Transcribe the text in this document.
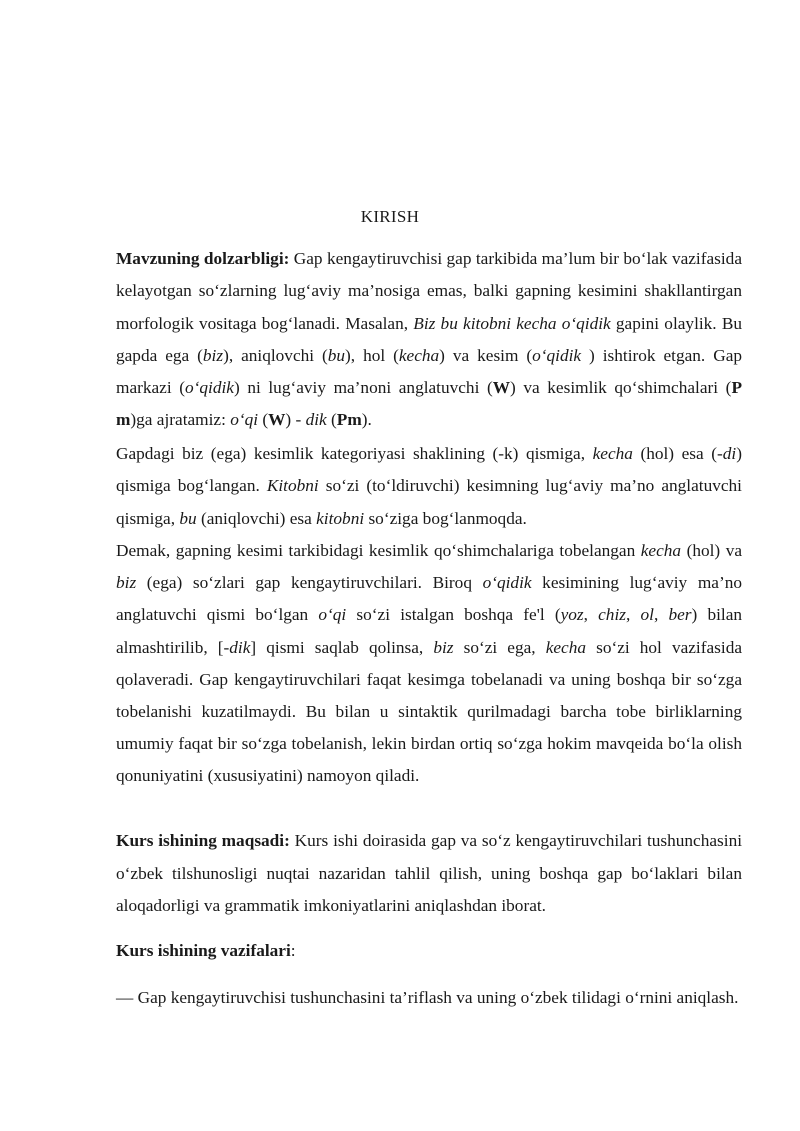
KIRISH

Mavzuning dolzarbligi: Gap kengaytiruvchisi gap tarkibida ma’lum bir bo‘lak vazifasida kelayotgan so‘zlarning lug‘aviy ma’nosiga emas, balki gapning kesimini shakllantirgan morfologik vositaga bog‘lanadi. Masalan, Biz bu kitobni kecha o‘qidik gapini olaylik. Bu gapda ega (biz), aniqlovchi (bu), hol (kecha) va kesim (o‘qidik ) ishtirok etgan. Gap markazi (o‘qidik) ni lug‘aviy ma’noni anglatuvchi (W) va kesimlik qo‘shimchalari (P m)ga ajratamiz: o‘qi (W) - dik (Pm).

Gapdagi biz (ega) kesimlik kategoriyasi shaklining (-k) qismiga, kecha (hol) esa (-di) qismiga bog‘langan. Kitobni so‘zi (to‘ldiruvchi) kesimning lug‘aviy ma’no anglatuvchi qismiga, bu (aniqlovchi) esa kitobni so‘ziga bog‘lanmoqda.

Demak, gapning kesimi tarkibidagi kesimlik qo‘shimchalariga tobelangan kecha (hol) va biz (ega) so‘zlari gap kengaytiruvchilari. Biroq o‘qidik kesimining lug‘aviy ma’no anglatuvchi qismi bo‘lgan o‘qi so‘zi istalgan boshqa fe'l (yoz, chiz, ol, ber) bilan almashtirilib, [-dik] qismi saqlab qolinsa, biz so‘zi ega, kecha so‘zi hol vazifasida qolaveradi. Gap kengaytiruvchilari faqat kesimga tobelanadi va uning boshqa bir so‘zga tobelanishi kuzatilmaydi. Bu bilan u sintaktik qurilmadagi barcha tobe birliklarning umumiy faqat bir so‘zga tobelanish, lekin birdan ortiq so‘zga hokim mavqeida bo‘la olish qonuniyatini (xususiyatini) namoyon qiladi.

Kurs ishining maqsadi: Kurs ishi doirasida gap va so‘z kengaytiruvchilari tushunchasini o‘zbek tilshunosligi nuqtai nazaridan tahlil qilish, uning boshqa gap bo‘laklari bilan aloqadorligi va grammatik imkoniyatlarini aniqlashdan iborat.

Kurs ishining vazifalari:

— Gap kengaytiruvchisi tushunchasini ta’riflash va uning o‘zbek tilidagi o‘rnini aniqlash.
